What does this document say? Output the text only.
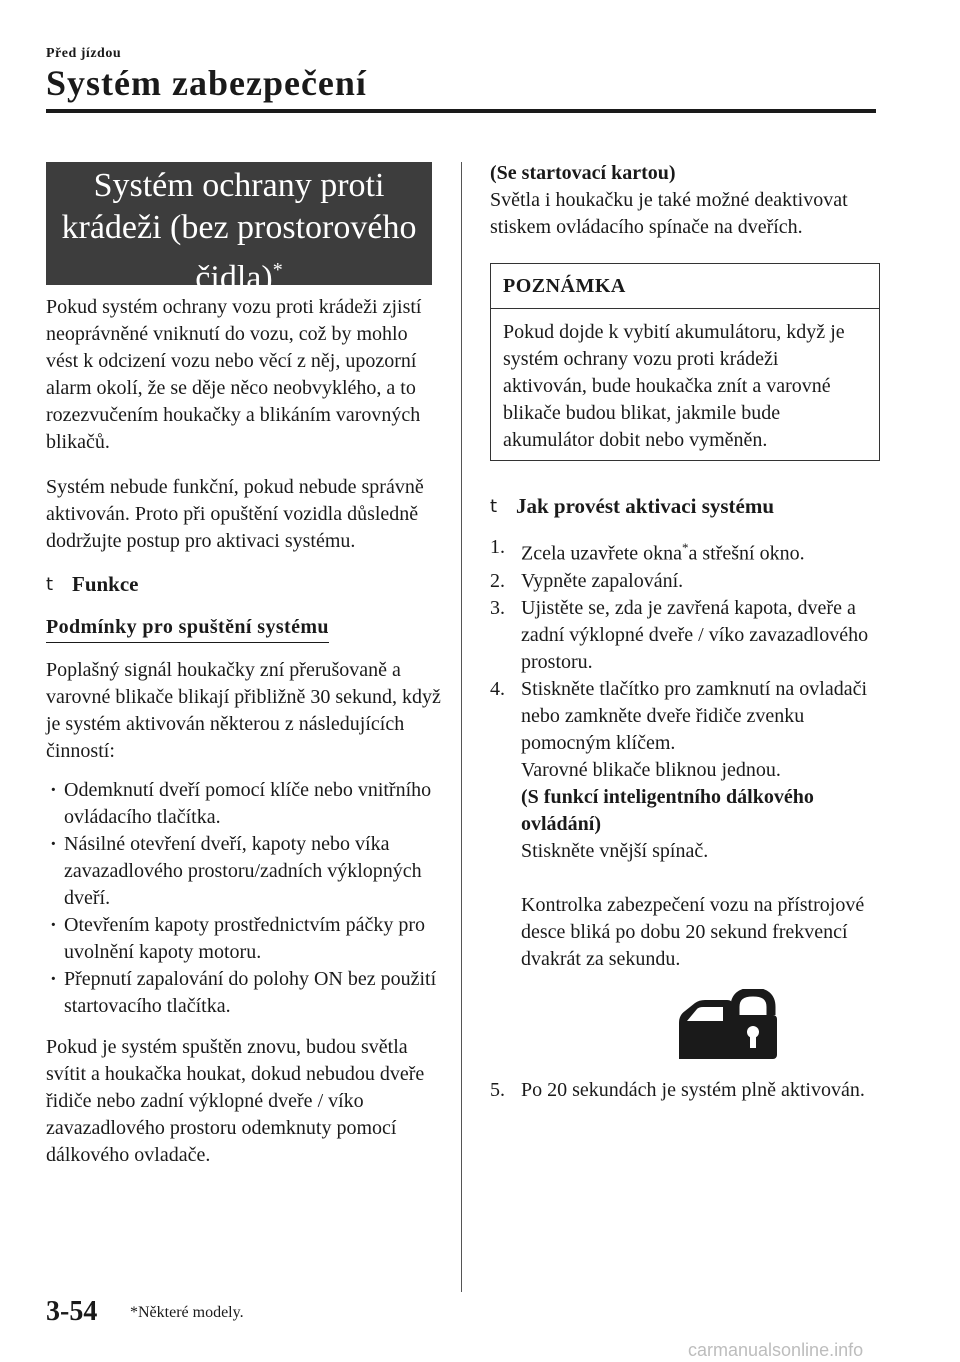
Před jízdou
Systém zabezpečení
Systém ochrany proti
krádeži (bez prostorového
čidla)*

Pokud systém ochrany vozu proti krádeži zjistí neoprávněné vniknutí do vozu, což by mohlo vést k odcizení vozu nebo věcí z něj, upozorní alarm okolí, že se děje něco neobvyklého, a to rozezvučením houkačky a blikáním varovných blikačů.

Systém nebude funkční, pokud nebude správně aktivován. Proto při opuštění vozidla důsledně dodržujte postup pro aktivaci systému.

t Funkce
Podmínky pro spuštění systému

Poplašný signál houkačky zní přerušovaně a varovné blikače blikají přibližně 30 sekund, když je systém aktivován některou z následujících činností:

· Odemknutí dveří pomocí klíče nebo vnitřního ovládacího tlačítka.
· Násilné otevření dveří, kapoty nebo víka zavazadlového prostoru/zadních výklopných dveří.
· Otevřením kapoty prostřednictvím páčky pro uvolnění kapoty motoru.
· Přepnutí zapalování do polohy ON bez použití startovacího tlačítka.

Pokud je systém spuštěn znovu, budou světla svítit a houkačka houkat, dokud nebudou dveře řidiče nebo zadní výklopné dveře / víko zavazadlového prostoru odemknuty pomocí dálkového ovladače.

(Se startovací kartou)

Světla i houkačku je také možné deaktivovat stiskem ovládacího spínače na dveřích.

POZNÁMKA
Pokud dojde k vybití akumulátoru, když je systém ochrany vozu proti krádeži aktivován, bude houkačka znít a varovné blikače budou blikat, jakmile bude akumulátor dobit nebo vyměněn.
t Jak provést aktivaci systému
1. Zcela uzavřete okna*a střešní okno.
2. Vypněte zapalování.
3. Ujistěte se, zda je zavřená kapota, dveře a zadní výklopné dveře / víko zavazadlového prostoru.
4. Stiskněte tlačítko pro zamknutí na ovladači nebo zamkněte dveře řidiče zvenku pomocným klíčem.
Varovné blikače bliknou jednou.
(S funkcí inteligentního dálkového ovládání)
Stiskněte vnější spínač.
Kontrolka zabezpečení vozu na přístrojové desce bliká po dobu 20 sekund frekvencí dvakrát za sekundu.
5. Po 20 sekundách je systém plně aktivován.
3-54 *Některé modely.
carmanualsonline.info
